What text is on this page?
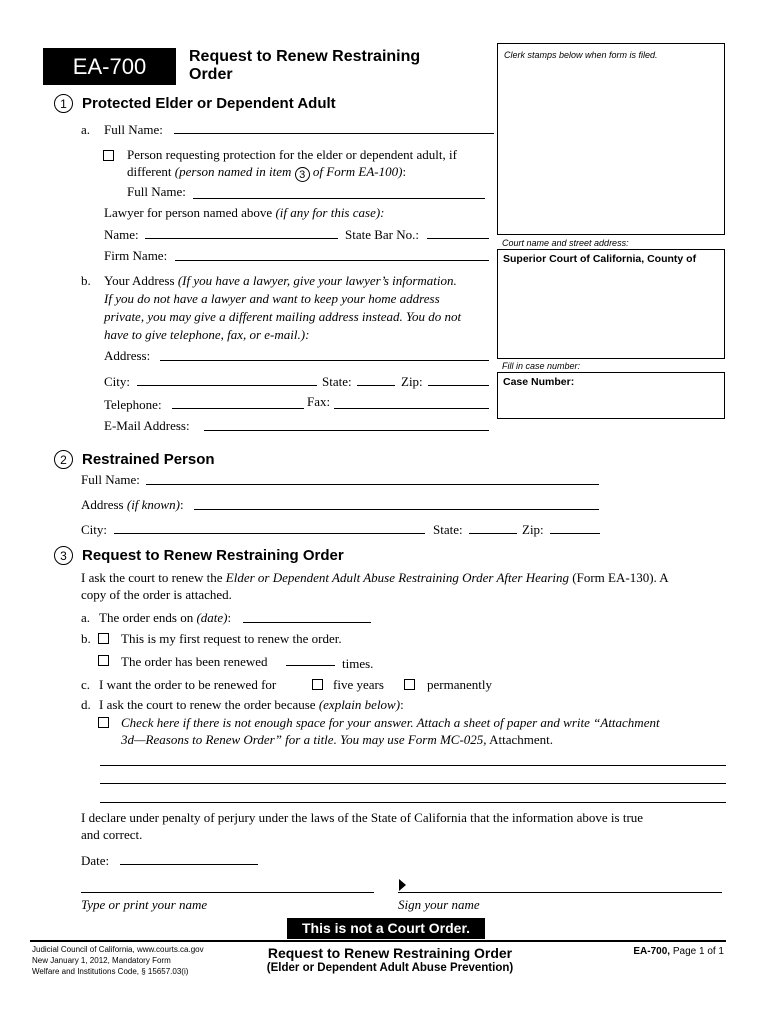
EA-700	Request to Renew Restraining
Order
Clerk stamps below when form is filed.
Court name and street address:
Superior Court of California, County of
Fill in case number:
Case Number:
1	Protected Elder or Dependent Adult
a. Full Name:
Person requesting protection for the elder or dependent adult, if
different (person named in item 3 of Form EA-100):
Full Name:
Lawyer for person named above (if any for this case):
Name:	State Bar No.:
Firm Name:
b. Your Address (If you have a lawyer, give your lawyer’s information.
If you do not have a lawyer and want to keep your home address
private, you may give a different mailing address instead. You do not
have to give telephone, fax, or e-mail.):
Address:
City:	State:	Zip:
Telephone:	Fax:
E-Mail Address:
2	Restrained Person
Full Name:
Address (if known):
City:	State:	Zip:
3	Request to Renew Restraining Order
I ask the court to renew the Elder or Dependent Adult Abuse Restraining Order After Hearing (Form EA-130). A
copy of the order is attached.
a. The order ends on (date):
b. This is my first request to renew the order.
The order has been renewed	times.
c. I want the order to be renewed for	five years	permanently
d. I ask the court to renew the order because (explain below):
Check here if there is not enough space for your answer. Attach a sheet of paper and write “Attachment
3d—Reasons to Renew Order” for a title. You may use Form MC-025, Attachment.
I declare under penalty of perjury under the laws of the State of California that the information above is true
and correct.
Date:
Type or print your name	Sign your name
This is not a Court Order.
Judicial Council of California, www.courts.ca.gov
New January 1, 2012, Mandatory Form
Welfare and Institutions Code, § 15657.03(i)
Request to Renew Restraining Order
(Elder or Dependent Adult Abuse Prevention)
EA-700, Page 1 of 1
